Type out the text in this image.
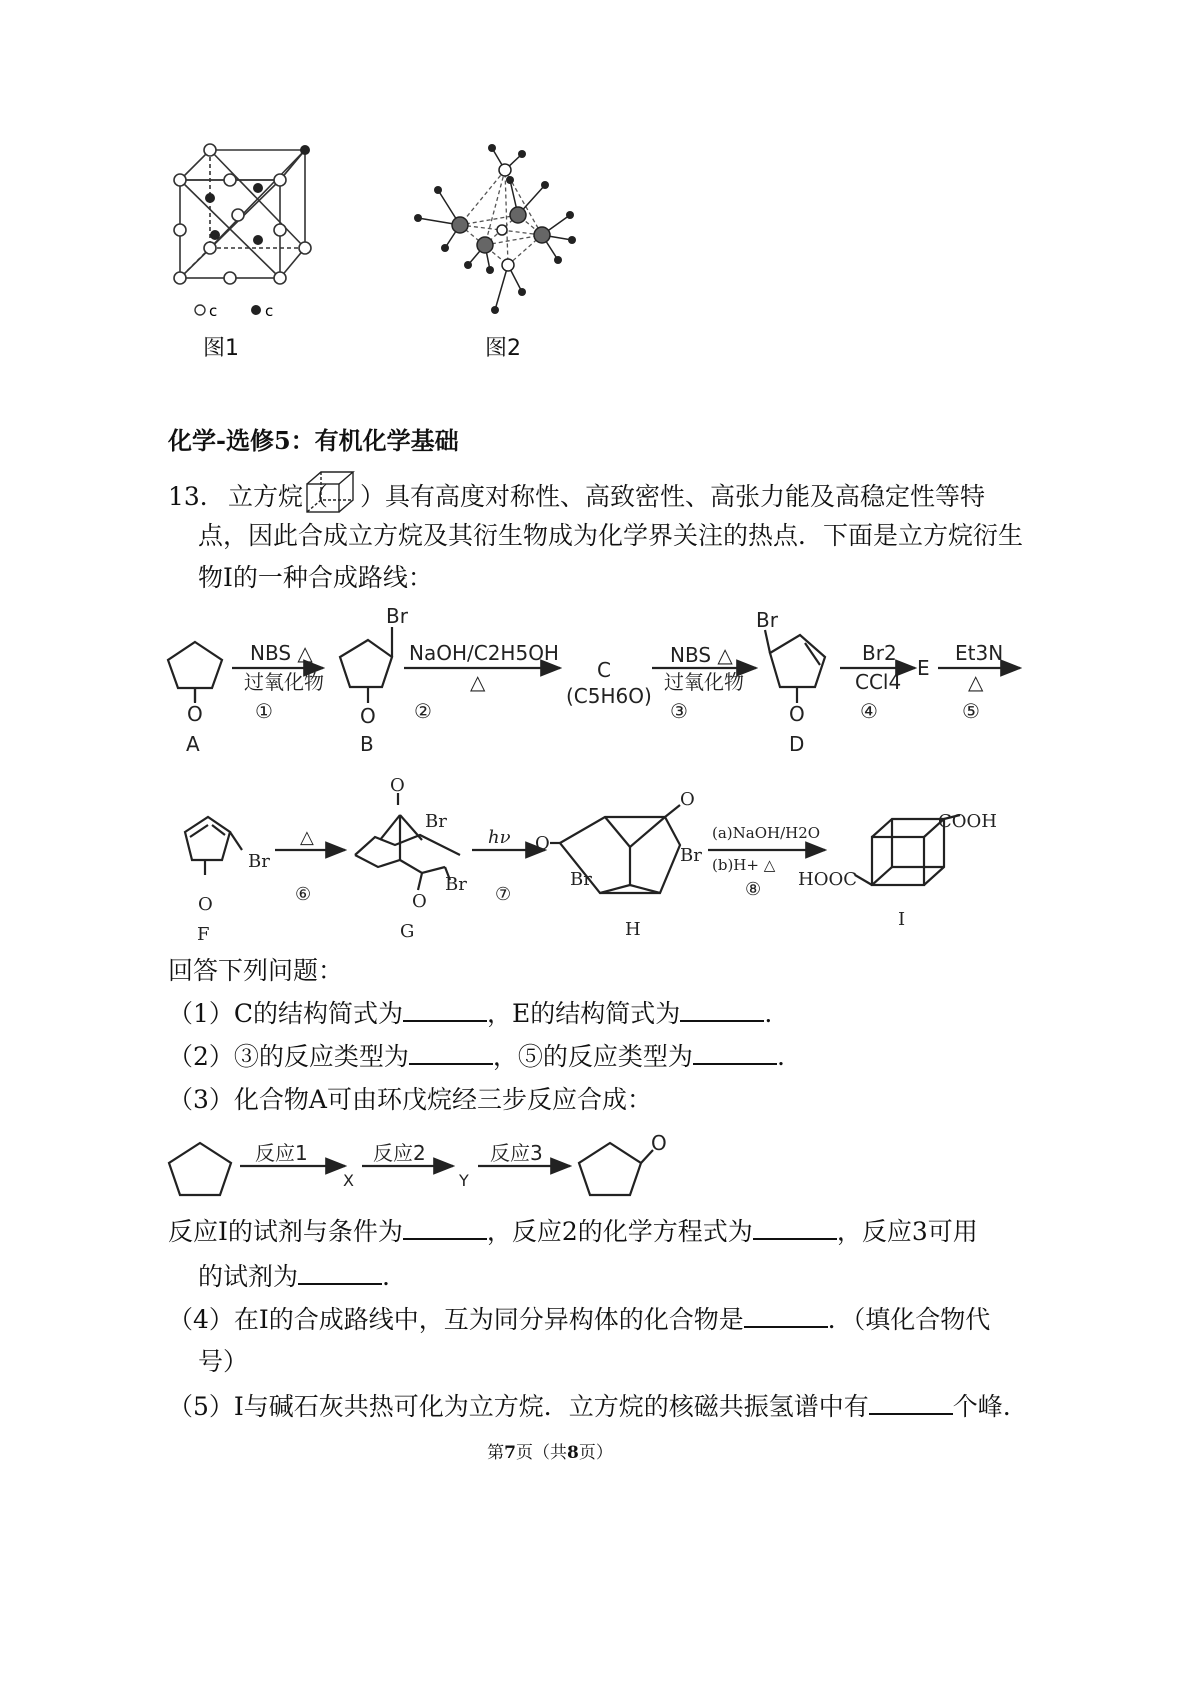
c	c
图1	图2
化学-选修5：有机化学基础
13． 立方烷（ ）具有高度对称性、高致密性、高张力能及高稳定性等特
点，因此合成立方烷及其衍生物成为化学界关注的热点．下面是立方烷衍生
物I的一种合成路线：
O
A
NBS △
过氧化物
①
Br
O
B
NaOH/C2H5OH
△
②
C
(C5H6O)
NBS △
过氧化物
③
Br
O
D
Br2
CCl4
④
E
Et3N
△
⑤
O
F
Br
△
⑥
O
Br
O
Br
G
hν
⑦
O
O
Br
Br
H
(a)NaOH/H2O
(b)H+ △
⑧
COOH
HOOC
I
回答下列问题：
（1）C的结构简式为	，E的结构简式为	.
（2）③的反应类型为	，⑤的反应类型为	.
（3）化合物A可由环戊烷经三步反应合成：
反应1
X
反应2
Y
反应3	O
反应I的试剂与条件为	，反应2的化学方程式为	，反应3可用
的试剂为	.
（4）在I的合成路线中，互为同分异构体的化合物是	．（填化合物代
号）
（5）I与碱石灰共热可化为立方烷．立方烷的核磁共振氢谱中有	个峰.
第7页（共8页）
